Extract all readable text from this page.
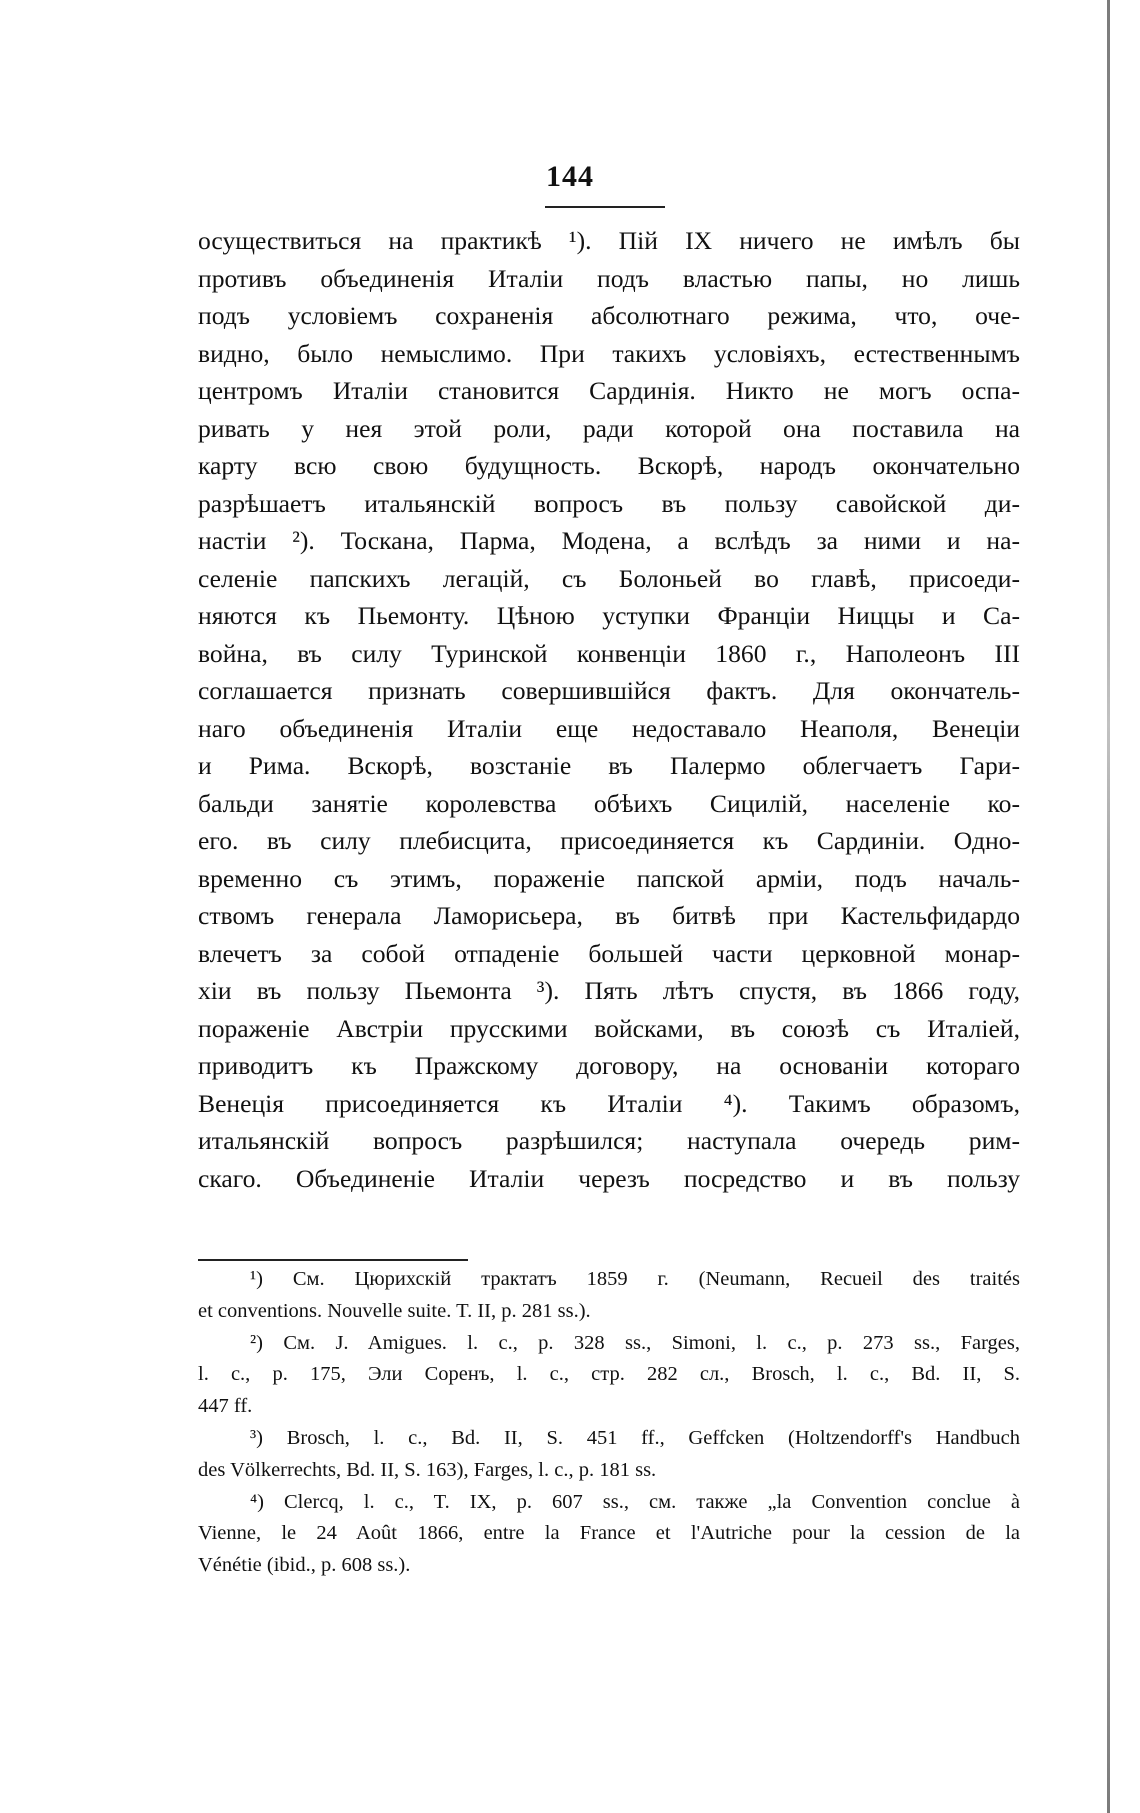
144
осуществиться на практикѣ ¹). Пій IX ничего не имѣлъ бы
противъ объединенія Италіи подъ властью папы, но лишь
подъ условіемъ сохраненія абсолютнаго режима, что, оче-
видно, было немыслимо. При такихъ условіяхъ, естественнымъ
центромъ Италіи становится Сардинія. Никто не могъ оспа-
ривать у нея этой роли, ради которой она поставила на
карту всю свою будущность. Вскорѣ, народъ окончательно
разрѣшаетъ итальянскій вопросъ въ пользу савойской ди-
настіи ²). Тоскана, Парма, Модена, а вслѣдъ за ними и на-
селеніе папскихъ легацій, съ Болоньей во главѣ, присоеди-
няются къ Пьемонту. Цѣною уступки Франціи Ниццы и Са-
война, въ силу Туринской конвенціи 1860 г., Наполеонъ III
соглашается признать совершившійся фактъ. Для окончатель-
наго объединенія Италіи еще недоставало Неаполя, Венеціи
и Рима. Вскорѣ, возстаніе въ Палермо облегчаетъ Гари-
бальди занятіе королевства обѣихъ Сицилій, населеніе ко-
его. въ силу плебисцита, присоединяется къ Сардиніи. Одно-
временно съ этимъ, пораженіе папской арміи, подъ началь-
ствомъ генерала Ламорисьера, въ битвѣ при Кастельфидардо
влечетъ за собой отпаденіе большей части церковной монар-
хіи въ пользу Пьемонта ³). Пять лѣтъ спустя, въ 1866 году,
пораженіе Австріи прусскими войсками, въ союзѣ съ Италіей,
приводитъ къ Пражскому договору, на основаніи котораго
Венеція присоединяется къ Италіи ⁴). Такимъ образомъ,
итальянскій вопросъ разрѣшился; наступала очередь рим-
скаго. Объединеніе Италіи черезъ посредство и въ пользу
¹) См. Цюрихскій трактатъ 1859 г. (Neumann, Recueil des traités
et conventions. Nouvelle suite. T. II, p. 281 ss.).
²) См. J. Amigues. l. c., p. 328 ss., Simoni, l. c., p. 273 ss., Farges,
l. c., p. 175, Эли Соренъ, l. c., стр. 282 сл., Brosch, l. c., Bd. II, S.
447 ff.
³) Brosch, l. c., Bd. II, S. 451 ff., Geffcken (Holtzendorff's Handbuch
des Völkerrechts, Bd. II, S. 163), Farges, l. c., p. 181 ss.
⁴) Clercq, l. c., T. IX, p. 607 ss., см. также „la Convention conclue à
Vienne, le 24 Août 1866, entre la France et l'Autriche pour la cession de la
Vénétie (ibid., p. 608 ss.).
